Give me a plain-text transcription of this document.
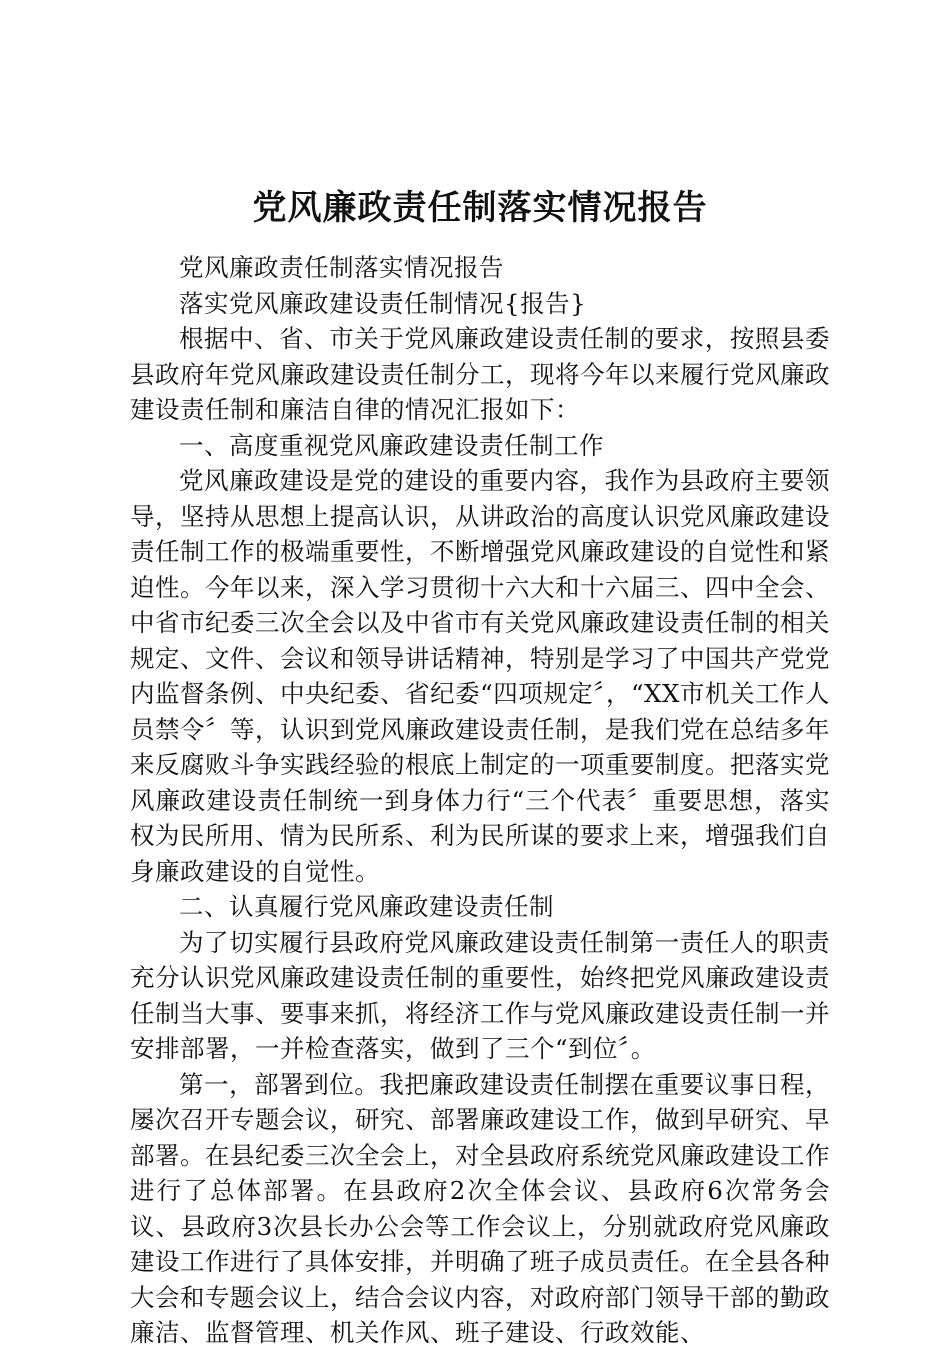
党风廉政责任制落实情况报告

党风廉政责任制落实情况报告

落实党风廉政建设责任制情况{报告}

根据中、省、市关于党风廉政建设责任制的要求，按照县委县政府年党风廉政建设责任制分工，现将今年以来履行党风廉政建设责任制和廉洁自律的情况汇报如下：

一、高度重视党风廉政建设责任制工作

党风廉政建设是党的建设的重要内容，我作为县政府主要领导，坚持从思想上提高认识，从讲政治的高度认识党风廉政建设责任制工作的极端重要性，不断增强党风廉政建设的自觉性和紧迫性。今年以来，深入学习贯彻十六大和十六届三、四中全会、中省市纪委三次全会以及中省市有关党风廉政建设责任制的相关规定、文件、会议和领导讲话精神，特别是学习了中国共产党党内监督条例、中央纪委、省纪委“四项规定〞，“XX市机关工作人员禁令〞等，认识到党风廉政建设责任制，是我们党在总结多年来反腐败斗争实践经验的根底上制定的一项重要制度。把落实党风廉政建设责任制统一到身体力行“三个代表〞重要思想，落实权为民所用、情为民所系、利为民所谋的要求上来，增强我们自身廉政建设的自觉性。

二、认真履行党风廉政建设责任制

为了切实履行县政府党风廉政建设责任制第一责任人的职责充分认识党风廉政建设责任制的重要性，始终把党风廉政建设责任制当大事、要事来抓，将经济工作与党风廉政建设责任制一并安排部署，一并检查落实，做到了三个“到位〞。

第一，部署到位。我把廉政建设责任制摆在重要议事日程，屡次召开专题会议，研究、部署廉政建设工作，做到早研究、早部署。在县纪委三次全会上，对全县政府系统党风廉政建设工作进行了总体部署。在县政府2次全体会议、县政府6次常务会议、县政府3次县长办公会等工作会议上，分别就政府党风廉政建设工作进行了具体安排，并明确了班子成员责任。在全县各种大会和专题会议上，结合会议内容，对政府部门领导干部的勤政廉洁、监督管理、机关作风、班子建设、行政效能、
